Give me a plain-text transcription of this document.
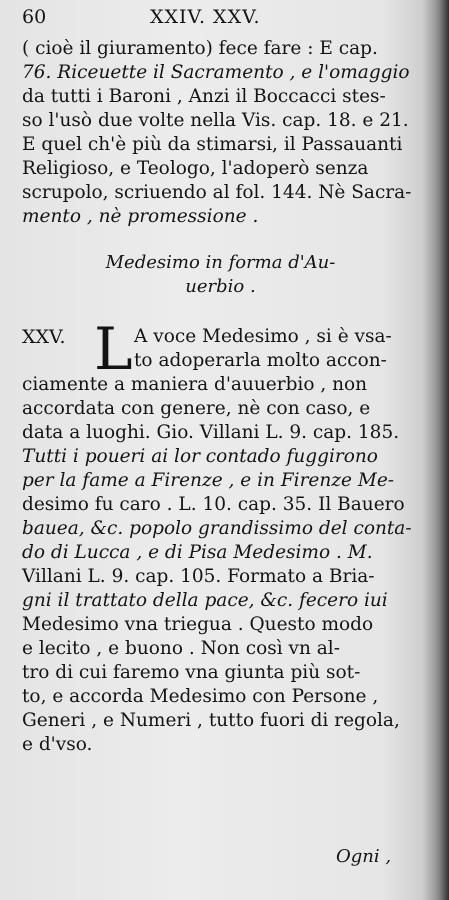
60	XXIV. XXV.
( cioè il giuramento) fece fare : E cap.
76. Riceuette il Sacramento , e l'omaggio
da tutti i Baroni , Anzi il Boccacci stes-
so l'usò due volte nella Vis. cap. 18. e 21.
E quel ch'è più da stimarsi, il Passauanti
Religioso, e Teologo, l'adoperò senza
scrupolo, scriuendo al fol. 144. Nè Sacra-
mento , nè promessione .
Medesimo in forma d'Au-
uerbio .
XXV. L A voce Medesimo , si è vsa-
to adoperarla molto accon-
ciamente a maniera d'auuerbio , non
accordata con genere, nè con caso, e
data a luoghi. Gio. Villani L. 9. cap. 185.
Tutti i poueri ai lor contado fuggirono
per la fame a Firenze , e in Firenze Me-
desimo fu caro . L. 10. cap. 35. Il Bauero
bauea, &c. popolo grandissimo del conta-
do di Lucca , e di Pisa Medesimo . M.
Villani L. 9. cap. 105. Formato a Bria-
gni il trattato della pace, &c. fecero iui
Medesimo vna triegua . Questo modo
e lecito , e buono . Non così vn al-
tro di cui faremo vna giunta più sot-
to, e accorda Medesimo con Persone ,
Generi , e Numeri , tutto fuori di regola,
e d'vso.
Ogni ,
